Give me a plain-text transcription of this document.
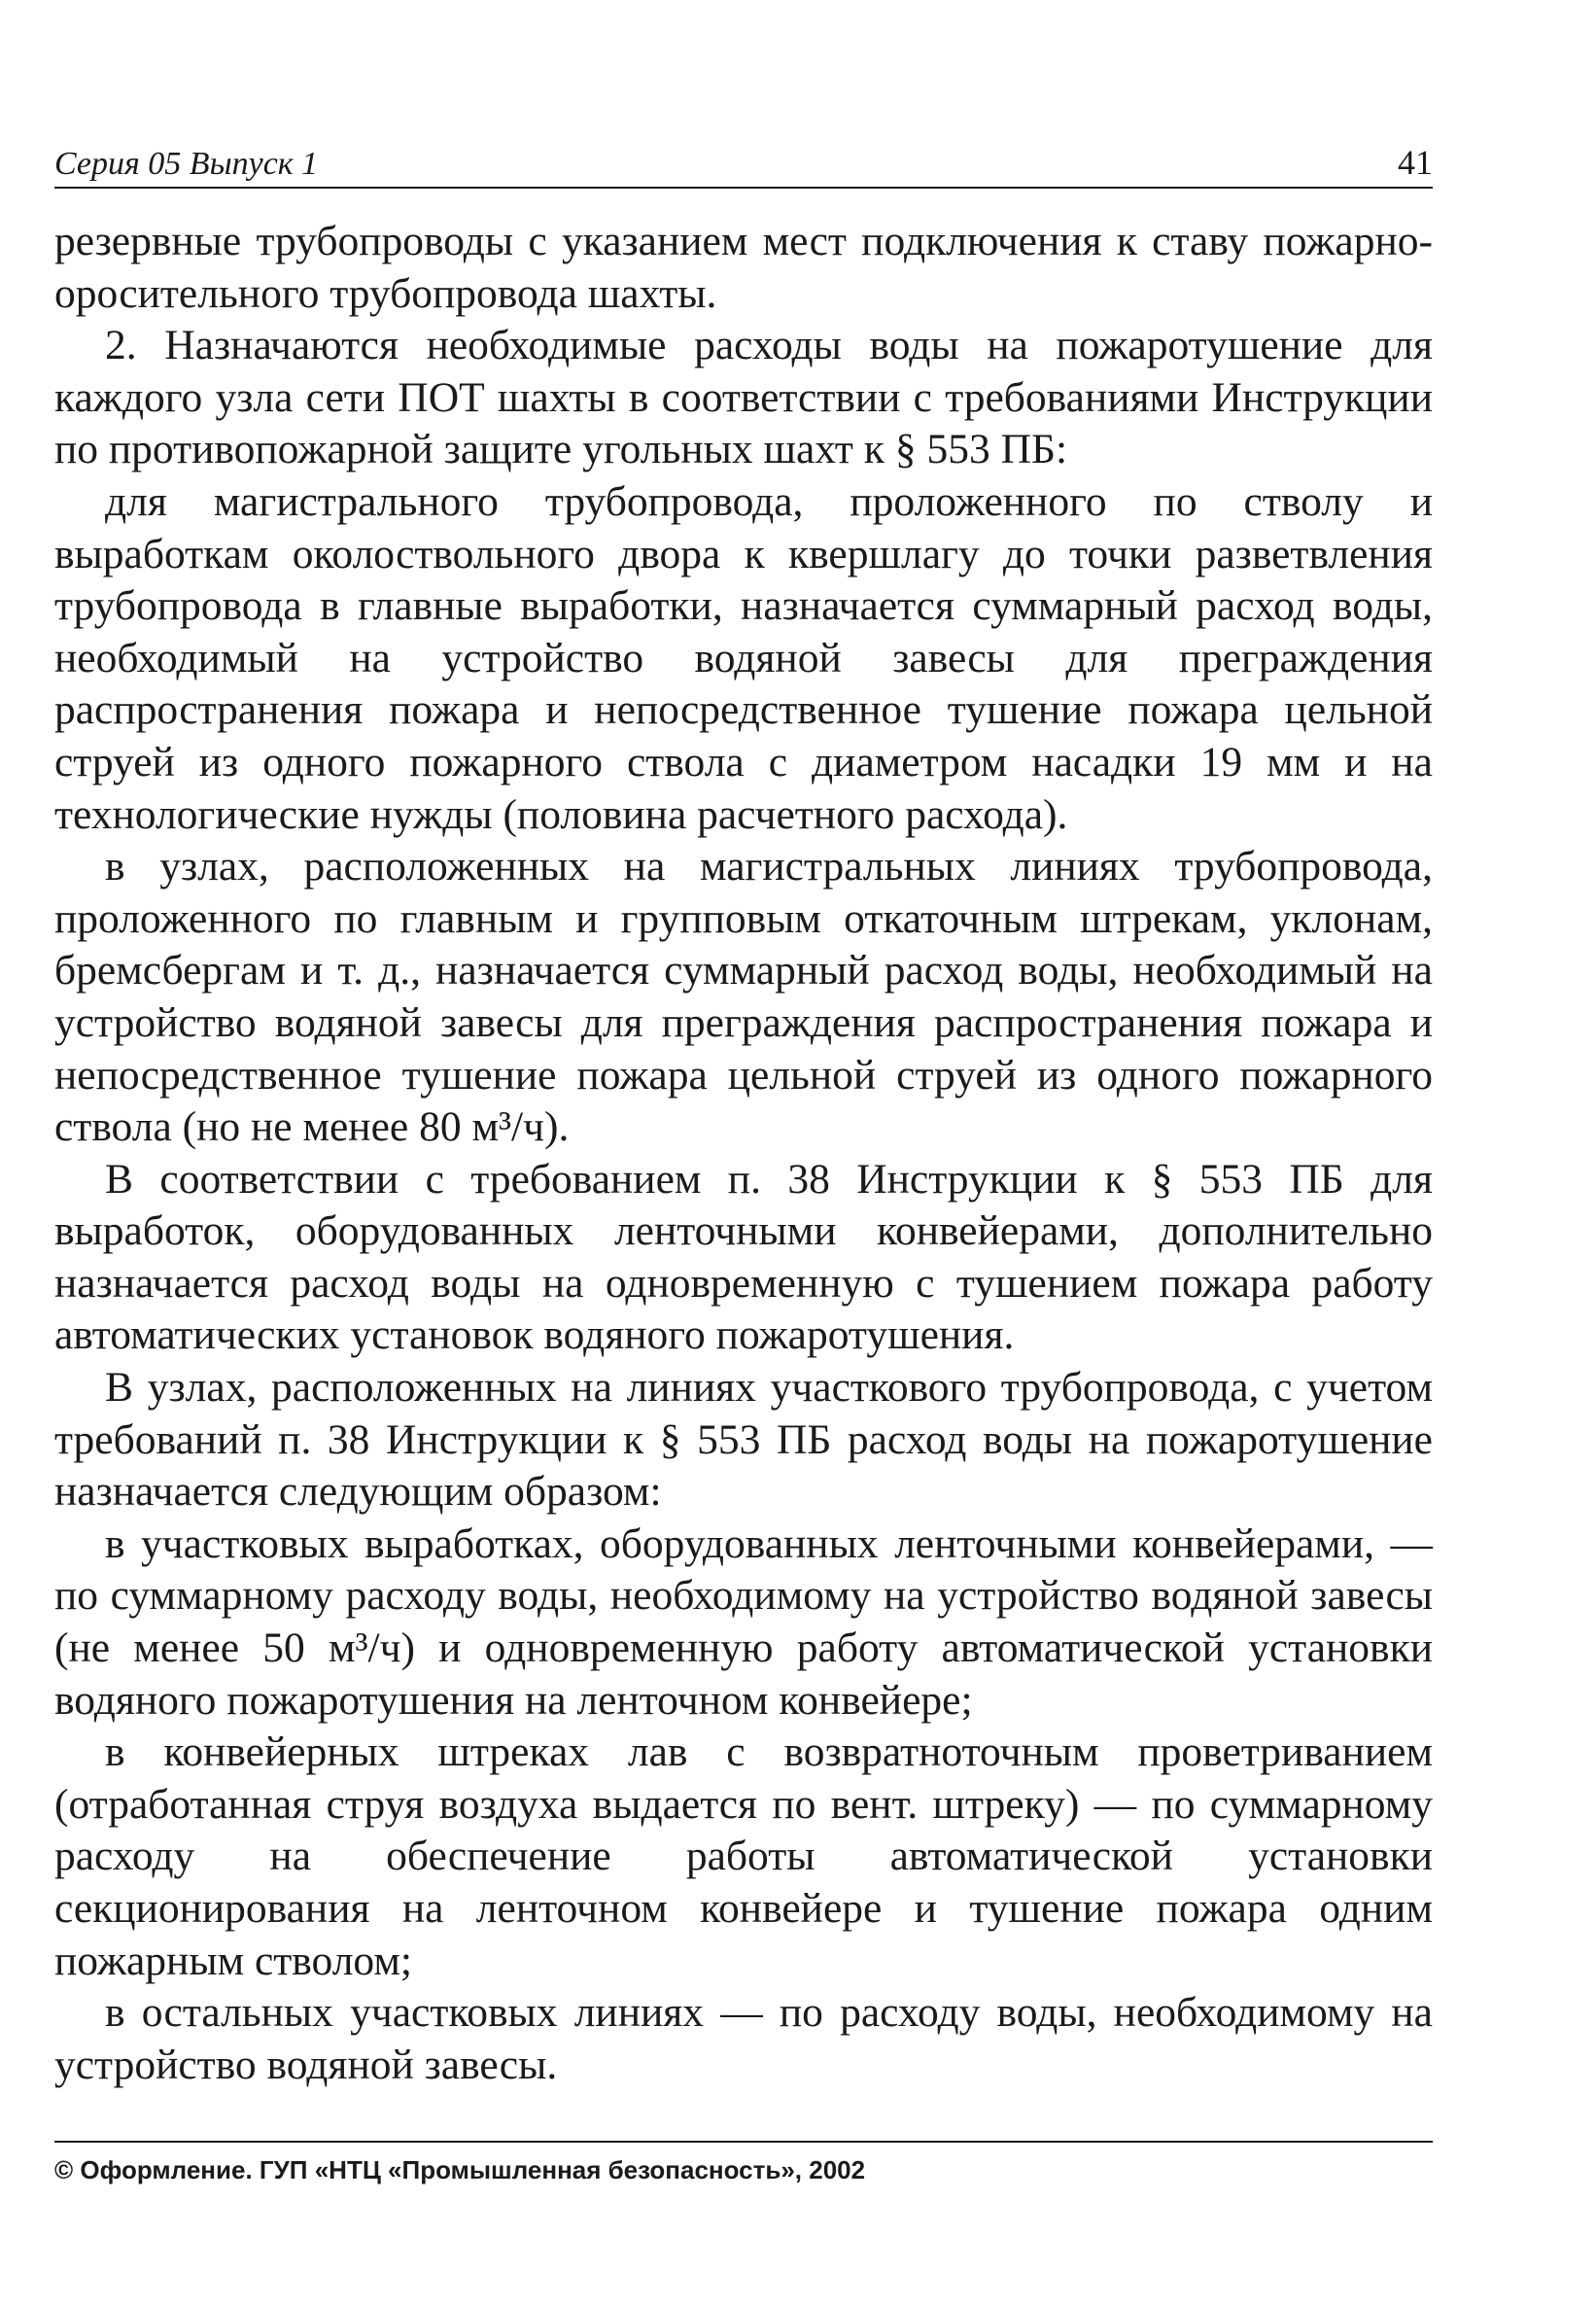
Серия 05 Выпуск 1	41

резервные трубопроводы с указанием мест подключения к ставу пожарно-оросительного трубопровода шахты.

2. Назначаются необходимые расходы воды на пожаротушение для каждого узла сети ПОТ шахты в соответствии с требованиями Инструкции по противопожарной защите угольных шахт к § 553 ПБ:

для магистрального трубопровода, проложенного по стволу и выработкам околоствольного двора к квершлагу до точки разветвления трубопровода в главные выработки, назначается суммарный расход воды, необходимый на устройство водяной завесы для преграждения распространения пожара и непосредственное тушение пожара цельной струей из одного пожарного ствола с диаметром насадки 19 мм и на технологические нужды (половина расчетного расхода).

в узлах, расположенных на магистральных линиях трубопровода, проложенного по главным и групповым откаточным штрекам, уклонам, бремсбергам и т. д., назначается суммарный расход воды, необходимый на устройство водяной завесы для преграждения распространения пожара и непосредственное тушение пожара цельной струей из одного пожарного ствола (но не менее 80 м³/ч).

В соответствии с требованием п. 38 Инструкции к § 553 ПБ для выработок, оборудованных ленточными конвейерами, дополнительно назначается расход воды на одновременную с тушением пожара работу автоматических установок водяного пожаротушения.

В узлах, расположенных на линиях участкового трубопровода, с учетом требований п. 38 Инструкции к § 553 ПБ расход воды на пожаротушение назначается следующим образом:

в участковых выработках, оборудованных ленточными конвейерами, — по суммарному расходу воды, необходимому на устройство водяной завесы (не менее 50 м³/ч) и одновременную работу автоматической установки водяного пожаротушения на ленточном конвейере;

в конвейерных штреках лав с возвратноточным проветриванием (отработанная струя воздуха выдается по вент. штреку) — по суммарному расходу на обеспечение работы автоматической установки секционирования на ленточном конвейере и тушение пожара одним пожарным стволом;

в остальных участковых линиях — по расходу воды, необходимому на устройство водяной завесы.

© Оформление. ГУП «НТЦ «Промышленная безопасность», 2002
